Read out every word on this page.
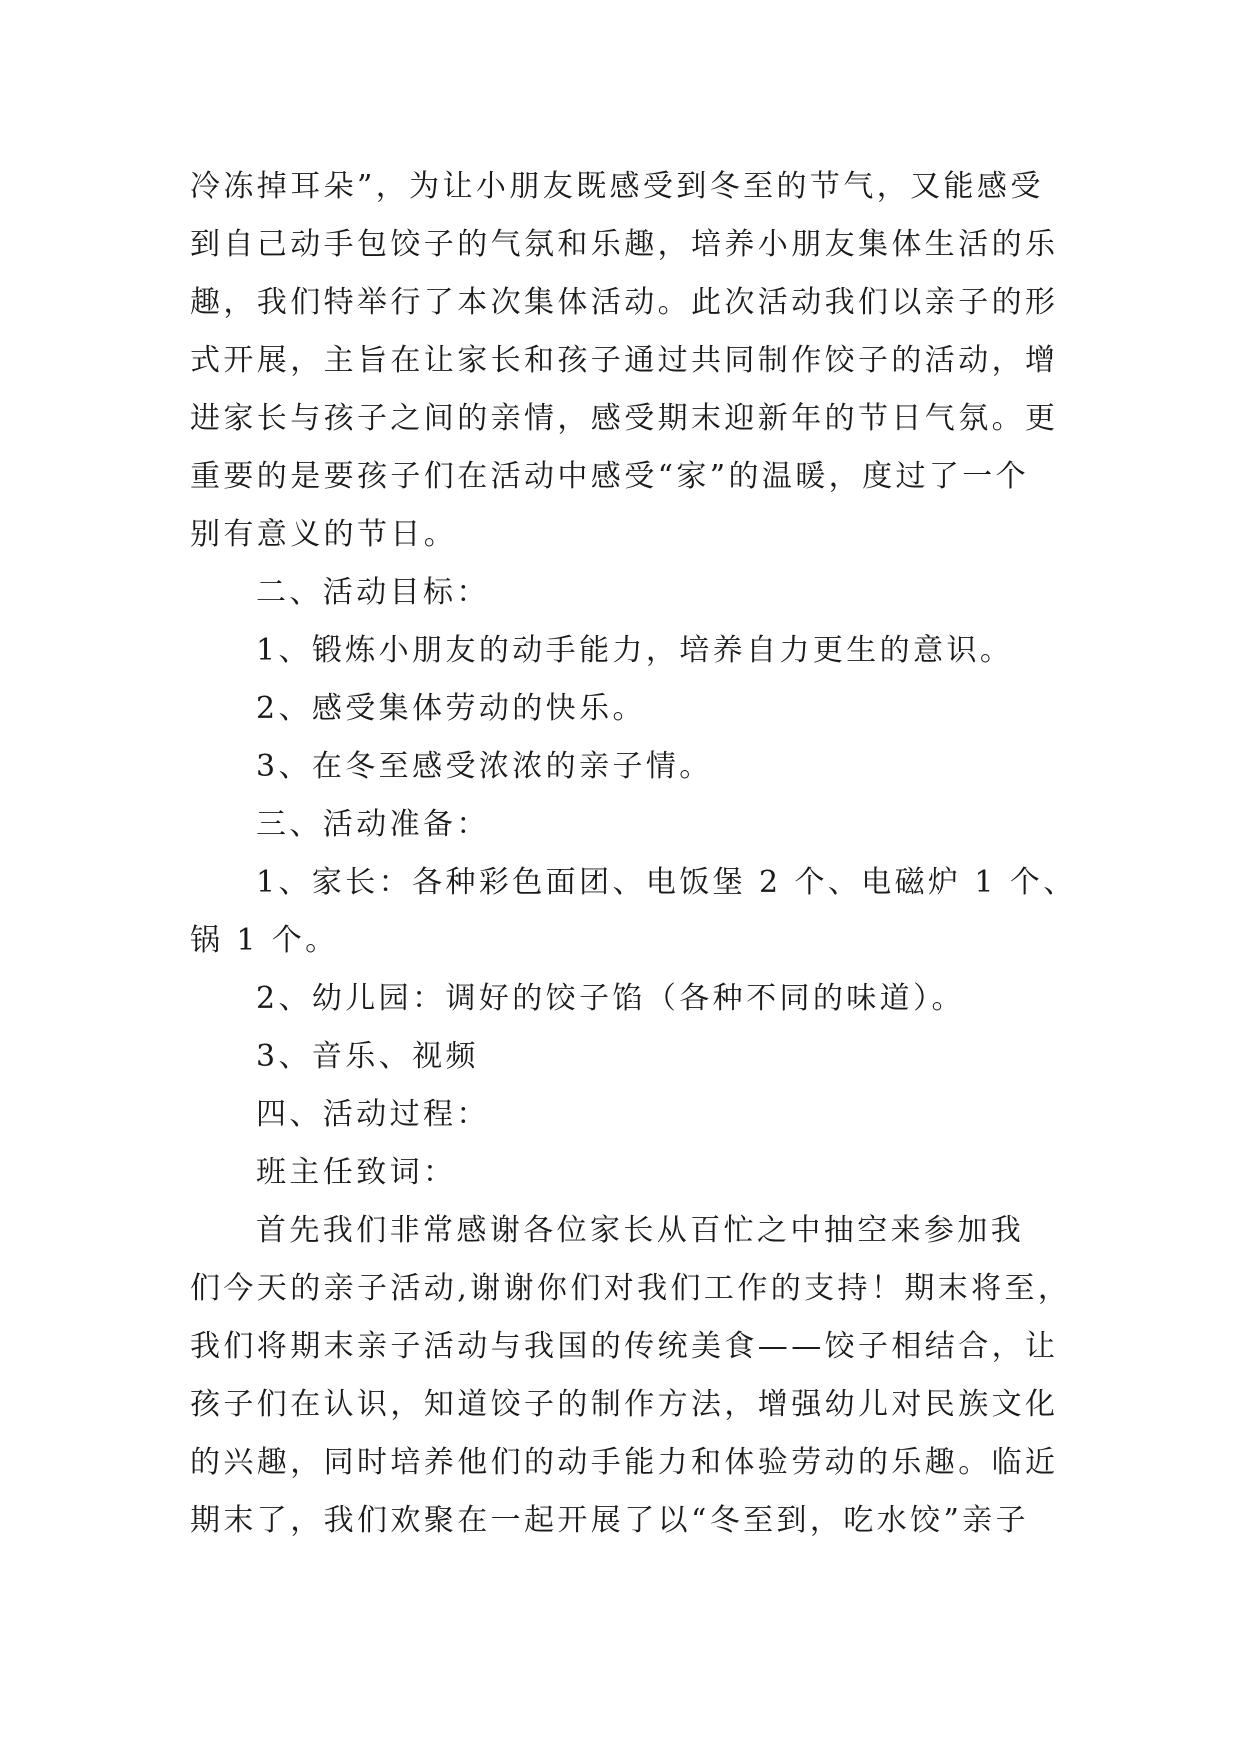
冷冻掉耳朵”，为让小朋友既感受到冬至的节气，又能感受
到自己动手包饺子的气氛和乐趣，培养小朋友集体生活的乐
趣，我们特举行了本次集体活动。此次活动我们以亲子的形
式开展，主旨在让家长和孩子通过共同制作饺子的活动，增
进家长与孩子之间的亲情，感受期末迎新年的节日气氛。更
重要的是要孩子们在活动中感受“家”的温暖，度过了一个
别有意义的节日。
二、活动目标：
1、锻炼小朋友的动手能力，培养自力更生的意识。
2、感受集体劳动的快乐。
3、在冬至感受浓浓的亲子情。
三、活动准备：
1、家长：各种彩色面团、电饭堡 2 个、电磁炉 1 个、
锅 1 个。
2、幼儿园：调好的饺子馅（各种不同的味道）。
3、音乐、视频
四、活动过程：
班主任致词：
首先我们非常感谢各位家长从百忙之中抽空来参加我
们今天的亲子活动,谢谢你们对我们工作的支持！期末将至，
我们将期末亲子活动与我国的传统美食——饺子相结合，让
孩子们在认识，知道饺子的制作方法，增强幼儿对民族文化
的兴趣，同时培养他们的动手能力和体验劳动的乐趣。临近
期末了，我们欢聚在一起开展了以“冬至到，吃水饺”亲子
